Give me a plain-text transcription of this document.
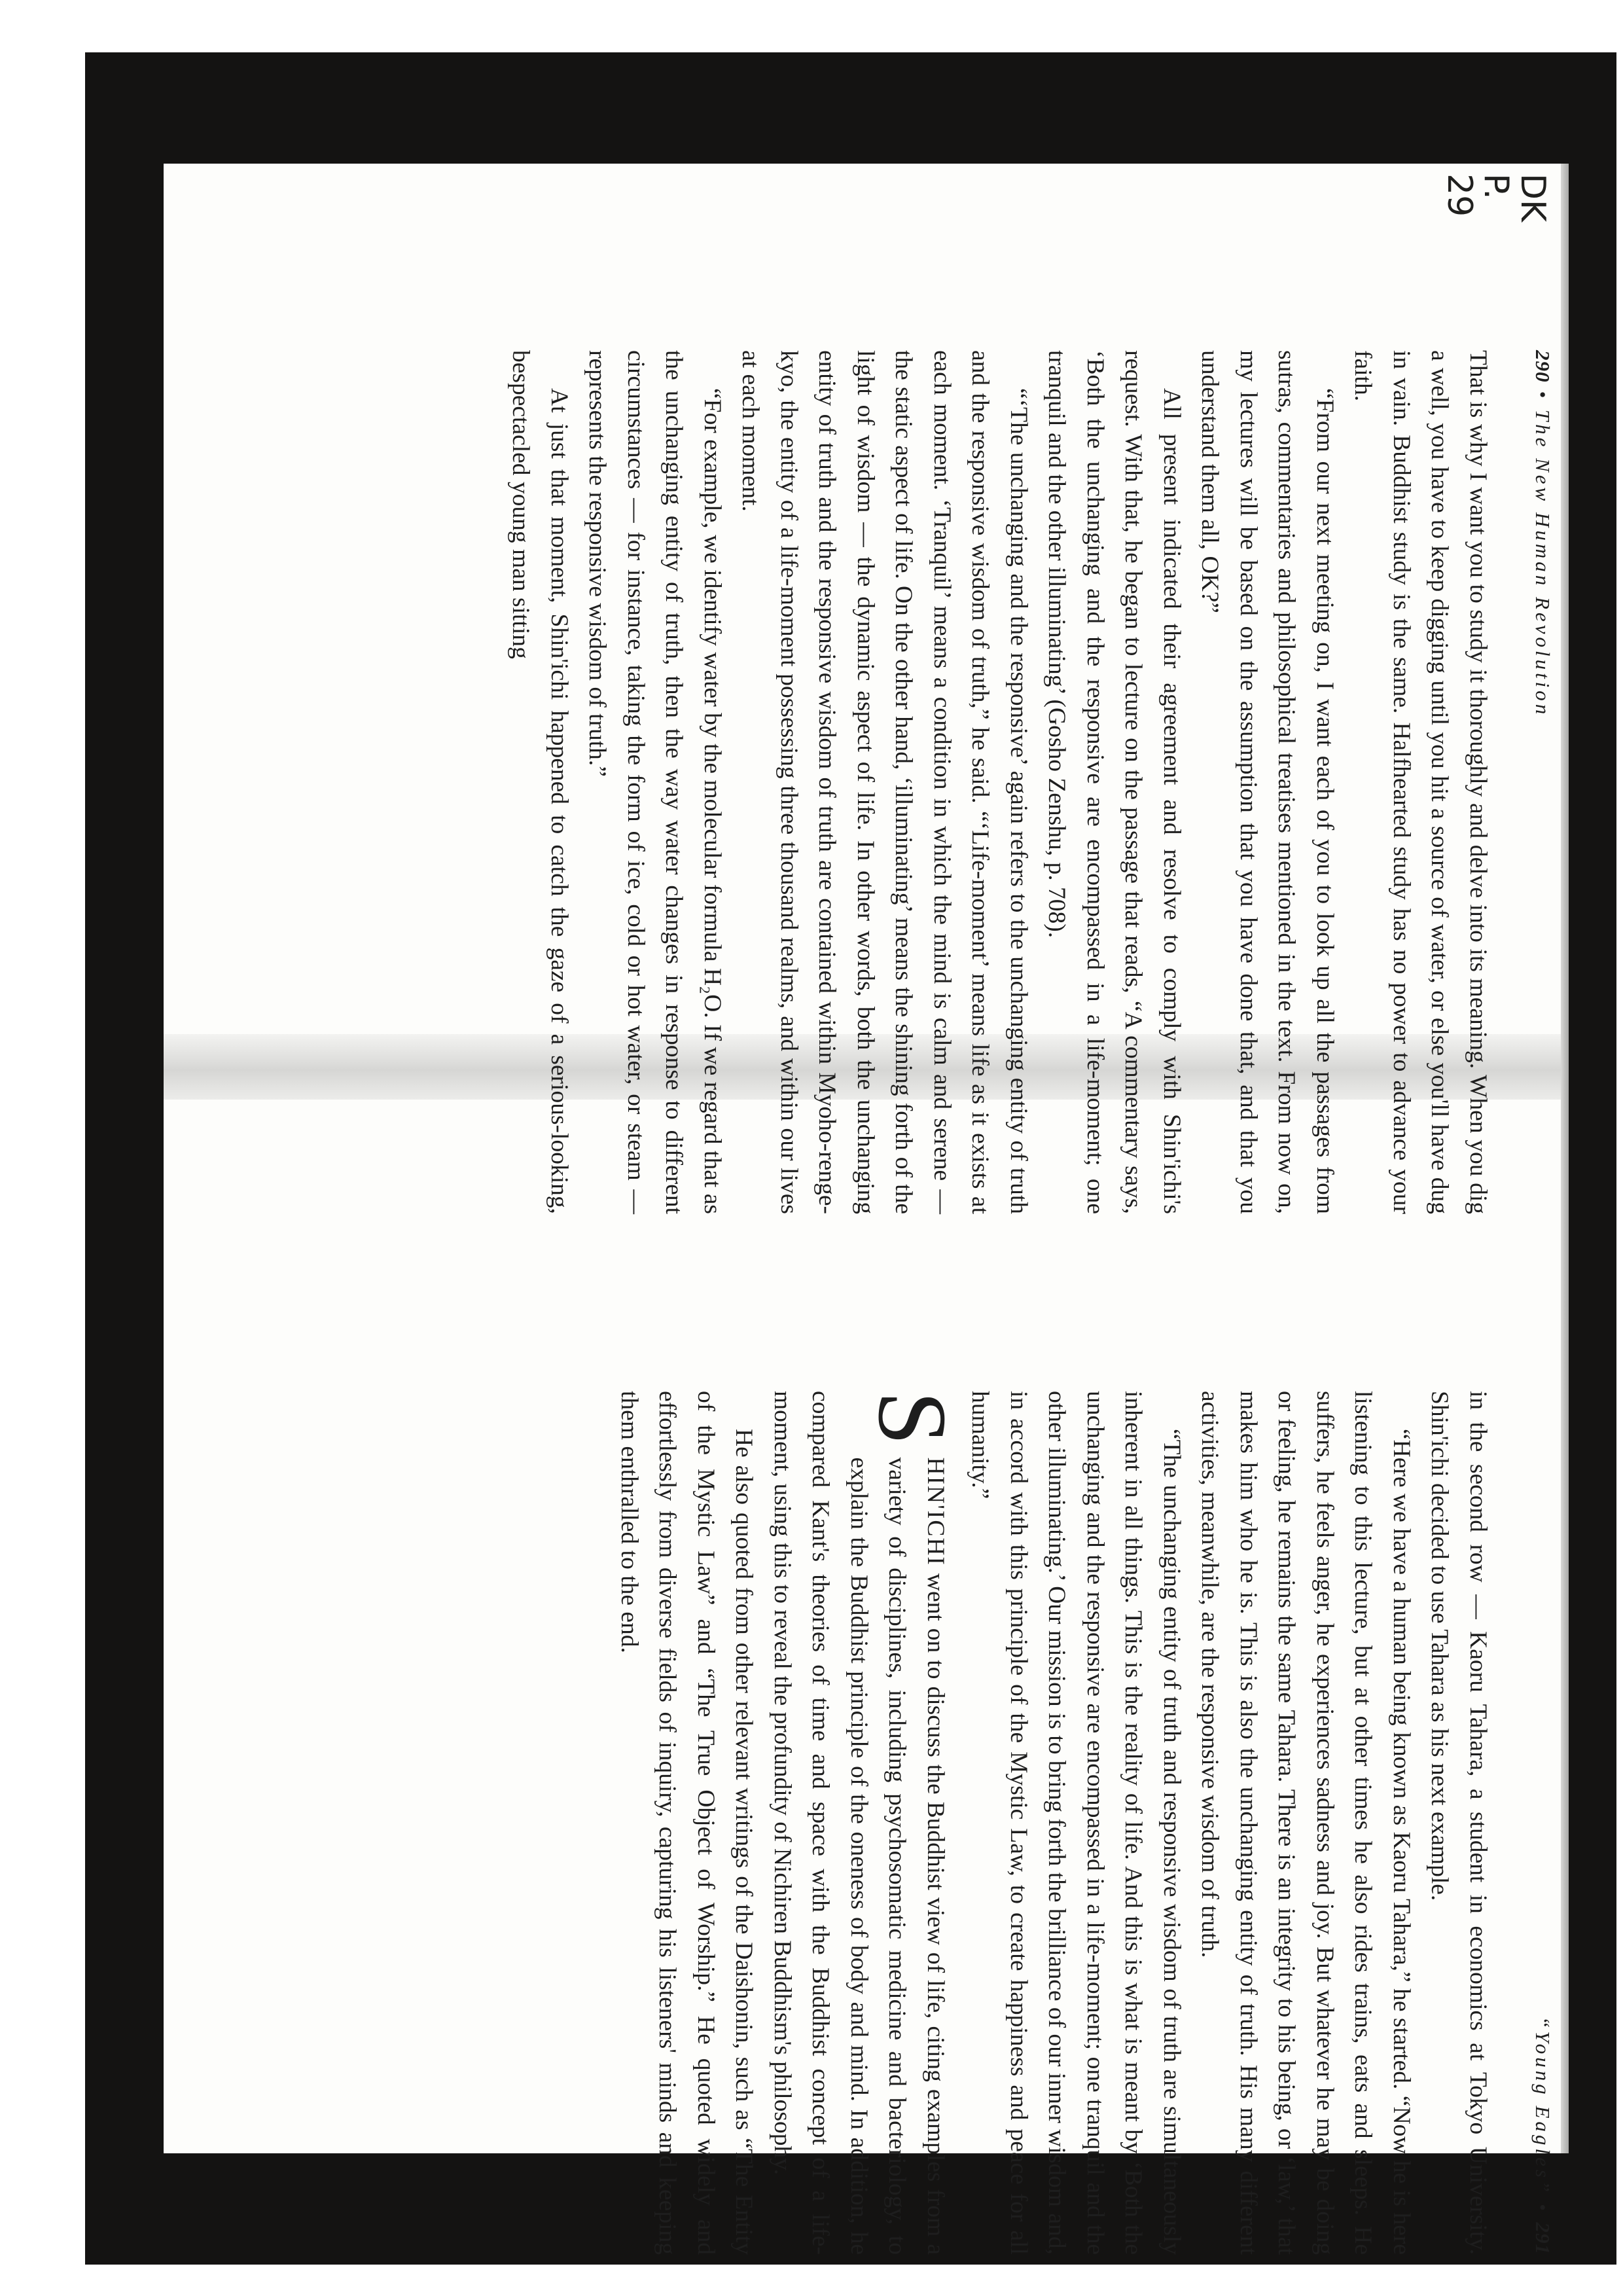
DK
P.
29
290 • The New Human Revolution

That is why I want you to study it thoroughly and delve into its meaning. When you dig a well, you have to keep digging until you hit a source of water, or else you'll have dug in vain. Buddhist study is the same. Halfhearted study has no power to advance your faith.

“From our next meeting on, I want each of you to look up all the passages from sutras, commentaries and philosophical treatises mentioned in the text. From now on, my lectures will be based on the assumption that you have done that, and that you understand them all, OK?”

All present indicated their agreement and resolve to comply with Shin'ichi's request. With that, he began to lecture on the passage that reads, “A commentary says, ‘Both the unchanging and the responsive are encompassed in a life-moment; one tranquil and the other illuminating’ (Gosho Zenshu, p. 708).

“‘The unchanging and the responsive’ again refers to the unchanging entity of truth and the responsive wisdom of truth,” he said. “‘Life-moment’ means life as it exists at each moment. ‘Tranquil’ means a condition in which the mind is calm and serene — the static aspect of life. On the other hand, ‘illuminating’ means the shining forth of the light of wisdom — the dynamic aspect of life. In other words, both the unchanging entity of truth and the responsive wisdom of truth are contained within Myoho-renge-kyo, the entity of a life-moment possessing three thousand realms, and within our lives at each moment.

“For example, we identify water by the molecular formula H₂O. If we regard that as the unchanging entity of truth, then the way water changes in response to different circumstances — for instance, taking the form of ice, cold or hot water, or steam — represents the responsive wisdom of truth.”

At just that moment, Shin'ichi happened to catch the gaze of a serious-looking, bespectacled young man sitting

“Young Eagles” • 291

in the second row — Kaoru Tahara, a student in economics at Tokyo University. Shin'ichi decided to use Tahara as his next example.

“Here we have a human being known as Kaoru Tahara,” he started. “Now he is here listening to this lecture, but at other times he also rides trains, eats and sleeps. He suffers, he feels anger, he experiences sadness and joy. But whatever he may be doing or feeling, he remains the same Tahara. There is an integrity to his being, or ‘law,’ that makes him who he is. This is also the unchanging entity of truth. His many different activities, meanwhile, are the responsive wisdom of truth.

“The unchanging entity of truth and responsive wisdom of truth are simultaneously inherent in all things. This is the reality of life. And this is what is meant by ‘Both the unchanging and the responsive are encompassed in a life-moment; one tranquil and the other illuminating.’ Our mission is to bring forth the brilliance of our inner wisdom and, in accord with this principle of the Mystic Law, to create happiness and peace for all humanity.”

S
HIN'ICHI went on to discuss the Buddhist view of life, citing examples from a variety of disciplines, including psychosomatic medicine and bacteriology, to explain the Buddhist principle of the oneness of body and mind. In addition, he compared Kant's theories of time and space with the Buddhist concept of a life-moment, using this to reveal the profundity of Nichiren Buddhism's philosophy.

He also quoted from other relevant writings of the Daishonin, such as “The Entity of the Mystic Law” and “The True Object of Worship.” He quoted widely and effortlessly from diverse fields of inquiry, capturing his listeners' minds and keeping them enthralled to the end.
